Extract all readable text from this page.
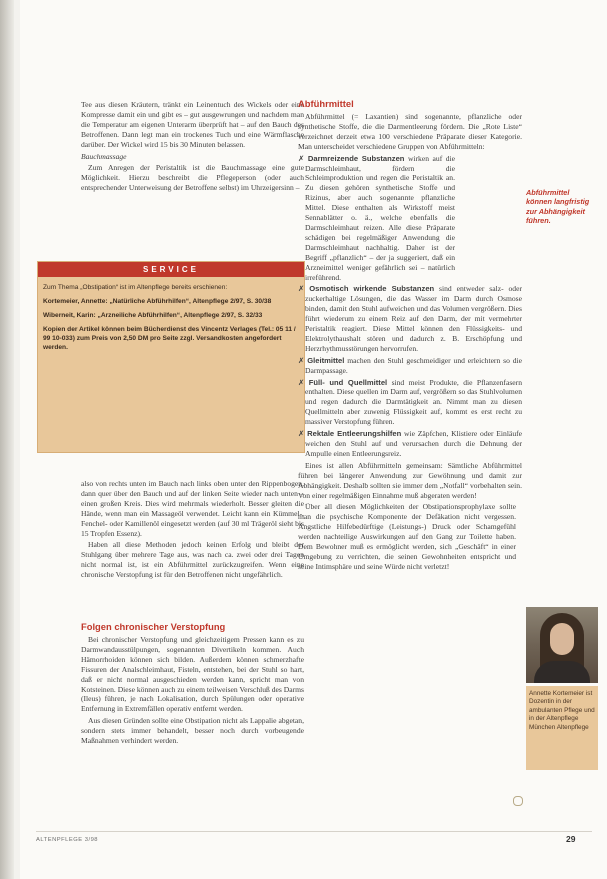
Tee aus diesen Kräutern, tränkt ein Leinentuch des Wickels oder eine Kompresse damit ein und gibt es – gut ausgewrungen und nachdem man die Temperatur am eigenen Unterarm überprüft hat – auf den Bauch des Betroffenen. Dann legt man ein trockenes Tuch und eine Wärmflasche darüber. Der Wickel wird 15 bis 30 Minuten belassen.

Bauchmassage

Zum Anregen der Peristaltik ist die Bauchmassage eine gute Möglichkeit. Hierzu beschreibt die Pflegeperson (oder auch entsprechender Unterweisung der Betroffene selbst) im Uhrzeigersinn –

SERVICE

Zum Thema „Obstipation“ ist im Altenpflege bereits erschienen:

Kortemeier, Annette: „Natürliche Abführhilfen“, Altenpflege 2/97, S. 30/38

Wiberneit, Karin: „Arzneiliche Abführhilfen“, Altenpflege 2/97, S. 32/33

Kopien der Artikel können beim Bücherdienst des Vincentz Verlages (Tel.: 05 11 / 99 10-033) zum Preis von 2,50 DM pro Seite zzgl. Versandkosten angefordert werden.

also von rechts unten im Bauch nach links oben unter den Rippenbogen, dann quer über den Bauch und auf der linken Seite wieder nach unten – einen großen Kreis. Dies wird mehrmals wiederholt. Besser gleiten die Hände, wenn man ein Massageöl verwendet. Leicht kann ein Kümmel-, Fenchel- oder Kamillenöl eingesetzt werden (auf 30 ml Trägeröl sieht bis 15 Tropfen Essenz).

Haben all diese Methoden jedoch keinen Erfolg und bleibt der Stuhlgang über mehrere Tage aus, was nach ca. zwei oder drei Tagen nicht normal ist, ist ein Abführmittel zurückzugreifen. Wenn eine chronische Verstopfung ist für den Betroffenen nicht ungefährlich.

Folgen chronischer Verstopfung

Bei chronischer Verstopfung und gleichzeitigem Pressen kann es zu Darmwandausstülpungen, sogenannten Divertikeln kommen. Auch Hämorrhoiden können sich bilden. Außerdem können schmerzhafte Fissuren der Analschleimhaut, Fisteln, entstehen, bei der Stuhl so hart, daß er nicht normal ausgeschieden werden kann, spricht man von Kotsteinen. Diese können auch zu einem teilweisen Verschluß des Darms (Ileus) führen, je nach Lokalisation, durch Spülungen oder operative Entfernung in Extremfällen operativ entfernt werden.

Aus diesen Gründen sollte eine Obstipation nicht als Lappalie abgetan, sondern stets immer behandelt, besser noch durch vorbeugende Maßnahmen verhindert werden.

Abführmittel

Abführmittel (= Laxantien) sind sogenannte, pflanzliche oder synthetische Stoffe, die die Darmentleerung fördern. Die „Rote Liste“ verzeichnet derzeit etwa 100 verschiedene Präparate dieser Kategorie. Man unterscheidet verschiedene Gruppen von Abführmitteln:

✗ Darmreizende Substanzen wirken auf die Darmschleimhaut, fördern die Schleimproduktion und regen die Peristaltik an. Zu diesen gehören synthetische Stoffe und Rizinus, aber auch sogenannte pflanzliche Mittel. Diese enthalten als Wirkstoff meist Sennablätter o. ä., welche ebenfalls die Darmschleimhaut reizen. Alle diese Präparate schädigen bei regelmäßiger Anwendung die Darmschleimhaut nachhaltig. Daher ist der Begriff „pflanzlich“ – der ja suggeriert, daß ein Arzneimittel weniger gefährlich sei – natürlich irreführend.

✗ Osmotisch wirkende Substanzen sind entweder salz- oder zuckerhaltige Lösungen, die das Wasser im Darm durch Osmose binden, damit den Stuhl aufweichen und das Volumen vergrößern. Dies führt wiederum zu einem Reiz auf den Darm, der mit vermehrter Peristaltik reagiert. Diese Mittel können den Flüssigkeits- und Elektrolythaushalt stören und dadurch z. B. Erschöpfung und Herzrhythmusstörungen hervorrufen.

✗ Gleitmittel machen den Stuhl geschmeidiger und erleichtern so die Darmpassage.

✗ Füll- und Quellmittel sind meist Produkte, die Pflanzenfasern enthalten. Diese quellen im Darm auf, vergrößern so das Stuhlvolumen und regen dadurch die Darmtätigkeit an. Nimmt man zu diesen Quellmitteln aber zuwenig Flüssigkeit auf, kommt es erst recht zu massiver Verstopfung führen.

✗ Rektale Entleerungshilfen wie Zäpfchen, Klistiere oder Einläufe weichen den Stuhl auf und verursachen durch die Dehnung der Ampulle einen Entleerungsreiz.

Eines ist allen Abführmitteln gemeinsam: Sämtliche Abführmittel führen bei längerer Anwendung zur Gewöhnung und damit zur Abhängigkeit. Deshalb sollten sie immer dem „Notfall“ vorbehalten sein. Von einer regelmäßigen Einnahme muß abgeraten werden!

Über all diesen Möglichkeiten der Obstipationsprophylaxe sollte man die psychische Komponente der Defäkation nicht vergessen. Ängstliche Hilfebedürftige (Leistungs-) Druck oder Schamgefühl werden nachteilige Auswirkungen auf den Gang zur Toilette haben. Dem Bewohner muß es ermöglicht werden, sich „Geschäft“ in einer Umgebung zu verrichten, die seinen Gewohnheiten entspricht und seine Intimsphäre und seine Würde nicht verletzt!

Abführmittel können langfristig zur Abhängigkeit führen.
Annette Kortemeier ist Dozentin in der ambulanten Pflege und in der Altenpflege München Altenpflege
ALTENPFLEGE 3/98	29
